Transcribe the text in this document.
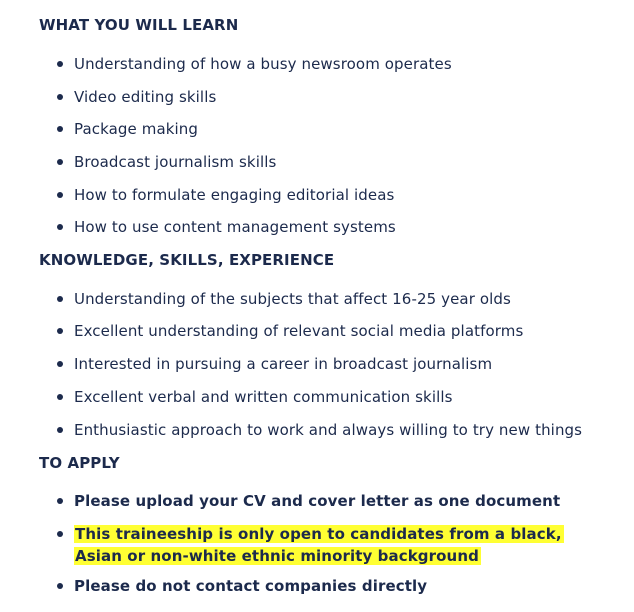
WHAT YOU WILL LEARN
Understanding of how a busy newsroom operates
Video editing skills
Package making
Broadcast journalism skills
How to formulate engaging editorial ideas
How to use content management systems
KNOWLEDGE, SKILLS, EXPERIENCE
Understanding of the subjects that affect 16-25 year olds
Excellent understanding of relevant social media platforms
Interested in pursuing a career in broadcast journalism
Excellent verbal and written communication skills
Enthusiastic approach to work and always willing to try new things
TO APPLY
Please upload your CV and cover letter as one document
This traineeship is only open to candidates from a black, Asian or non-white ethnic minority background
Please do not contact companies directly
